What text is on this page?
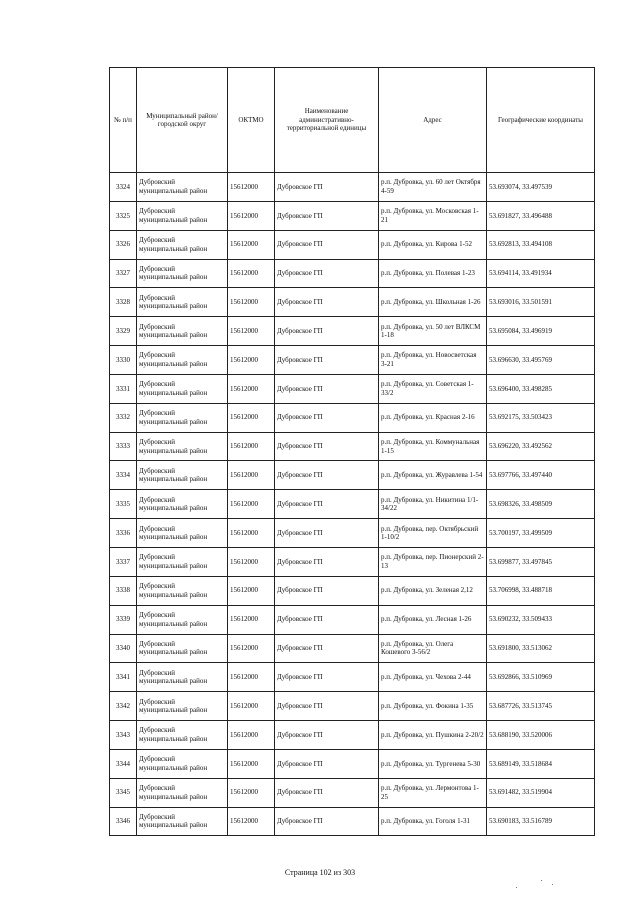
№ п/п	Муниципальный район/городской округ	ОКТМО	Наименование административно-территориальной единицы	Адрес	Географические координаты
3324	Дубровский муниципальный район	15612000	Дубровское ГП	р.п. Дубровка, ул. 60 лет Октября 4-59	53.693074, 33.497539
3325	Дубровский муниципальный район	15612000	Дубровское ГП	р.п. Дубровка, ул. Московская 1-21	53.691827, 33.496488
3326	Дубровский муниципальный район	15612000	Дубровское ГП	р.п. Дубровка, ул. Кирова 1-52	53.692813, 33.494108
3327	Дубровский муниципальный район	15612000	Дубровское ГП	р.п. Дубровка, ул. Полевая 1-23	53.694114, 33.491934
3328	Дубровский муниципальный район	15612000	Дубровское ГП	р.п. Дубровка, ул. Школьная 1-26	53.693016, 33.501591
3329	Дубровский муниципальный район	15612000	Дубровское ГП	р.п. Дубровка, ул. 50 лет ВЛКСМ 1-18	53.695084, 33.496919
3330	Дубровский муниципальный район	15612000	Дубровское ГП	р.п. Дубровка, ул. Новосветская 3-21	53.696630, 33.495769
3331	Дубровский муниципальный район	15612000	Дубровское ГП	р.п. Дубровка, ул. Советская 1-33/2	53.696400, 33.498285
3332	Дубровский муниципальный район	15612000	Дубровское ГП	р.п. Дубровка, ул. Красная 2-16	53.692175, 33.503423
3333	Дубровский муниципальный район	15612000	Дубровское ГП	р.п. Дубровка, ул. Коммунальная 1-15	53.696220, 33.492562
3334	Дубровский муниципальный район	15612000	Дубровское ГП	р.п. Дубровка, ул. Журавлева 1-54	53.697766, 33.497440
3335	Дубровский муниципальный район	15612000	Дубровское ГП	р.п. Дубровка, ул. Никитина 1/1-34/22	53.698326, 33.498509
3336	Дубровский муниципальный район	15612000	Дубровское ГП	р.п. Дубровка, пер. Октябрьский 1-10/2	53.700197, 33.499509
3337	Дубровский муниципальный район	15612000	Дубровское ГП	р.п. Дубровка, пер. Пионерский 2-13	53.699877, 33.497845
3338	Дубровский муниципальный район	15612000	Дубровское ГП	р.п. Дубровка, ул. Зеленая 2,12	53.706998, 33.488718
3339	Дубровский муниципальный район	15612000	Дубровское ГП	р.п. Дубровка, ул. Лесная 1-26	53.690232, 33.509433
3340	Дубровский муниципальный район	15612000	Дубровское ГП	р.п. Дубровка, ул. Олега Кошевого 3-56/2	53.691800, 33.513062
3341	Дубровский муниципальный район	15612000	Дубровское ГП	р.п. Дубровка, ул. Чехова 2-44	53.692866, 33.510969
3342	Дубровский муниципальный район	15612000	Дубровское ГП	р.п. Дубровка, ул. Фокина 1-35	53.687726, 33.513745
3343	Дубровский муниципальный район	15612000	Дубровское ГП	р.п. Дубровка, ул. Пушкина 2-20/2	53.688190, 33.520006
3344	Дубровский муниципальный район	15612000	Дубровское ГП	р.п. Дубровка, ул. Тургенева 5-30	53.689149, 33.518684
3345	Дубровский муниципальный район	15612000	Дубровское ГП	р.п. Дубровка, ул. Лермонтова 1-25	53.691482, 33.519904
3346	Дубровский муниципальный район	15612000	Дубровское ГП	р.п. Дубровка, ул. Гоголя 1-31	53.690183, 33.516789
Страница 102 из 303
